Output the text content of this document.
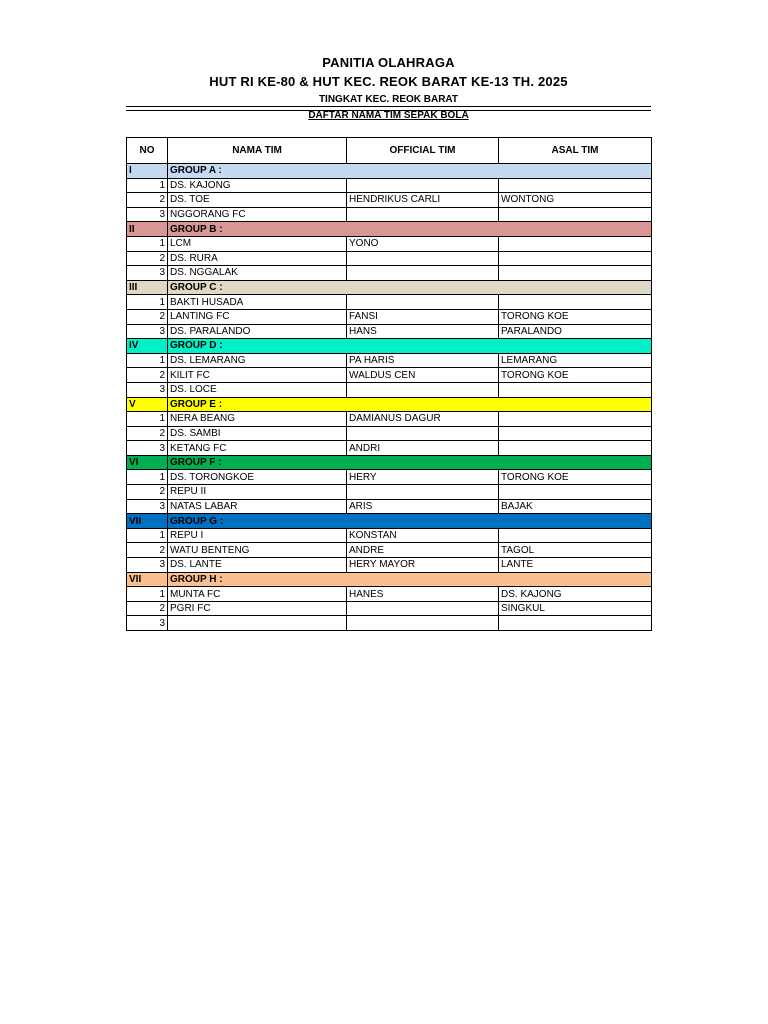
PANITIA OLAHRAGA
HUT RI KE-80 & HUT KEC. REOK BARAT KE-13 TH. 2025
TINGKAT KEC. REOK BARAT
DAFTAR NAMA TIM SEPAK BOLA
NO	NAMA TIM	OFFICIAL TIM	ASAL TIM
I	GROUP A :		
1	DS. KAJONG		
2	DS. TOE	HENDRIKUS CARLI	WONTONG
3	NGGORANG FC		
II	GROUP B :		
1	LCM	YONO	
2	DS. RURA		
3	DS. NGGALAK		
III	GROUP C :		
1	BAKTI HUSADA		
2	LANTING FC	FANSI	TORONG KOE
3	DS. PARALANDO	HANS	PARALANDO
IV	GROUP D :		
1	DS. LEMARANG	PA HARIS	LEMARANG
2	KILIT FC	WALDUS CEN	TORONG KOE
3	DS. LOCE		
V	GROUP E :		
1	NERA BEANG	DAMIANUS DAGUR	
2	DS. SAMBI		
3	KETANG FC	ANDRI	
VI	GROUP F :		
1	DS. TORONGKOE	HERY	TORONG KOE
2	REPU II		
3	NATAS LABAR	ARIS	BAJAK
VII	GROUP G :		
1	REPU I	KONSTAN	
2	WATU BENTENG	ANDRE	TAGOL
3	DS. LANTE	HERY MAYOR	LANTE
VII	GROUP H :		
1	MUNTA FC	HANES	DS. KAJONG
2	PGRI FC		SINGKUL
3			
